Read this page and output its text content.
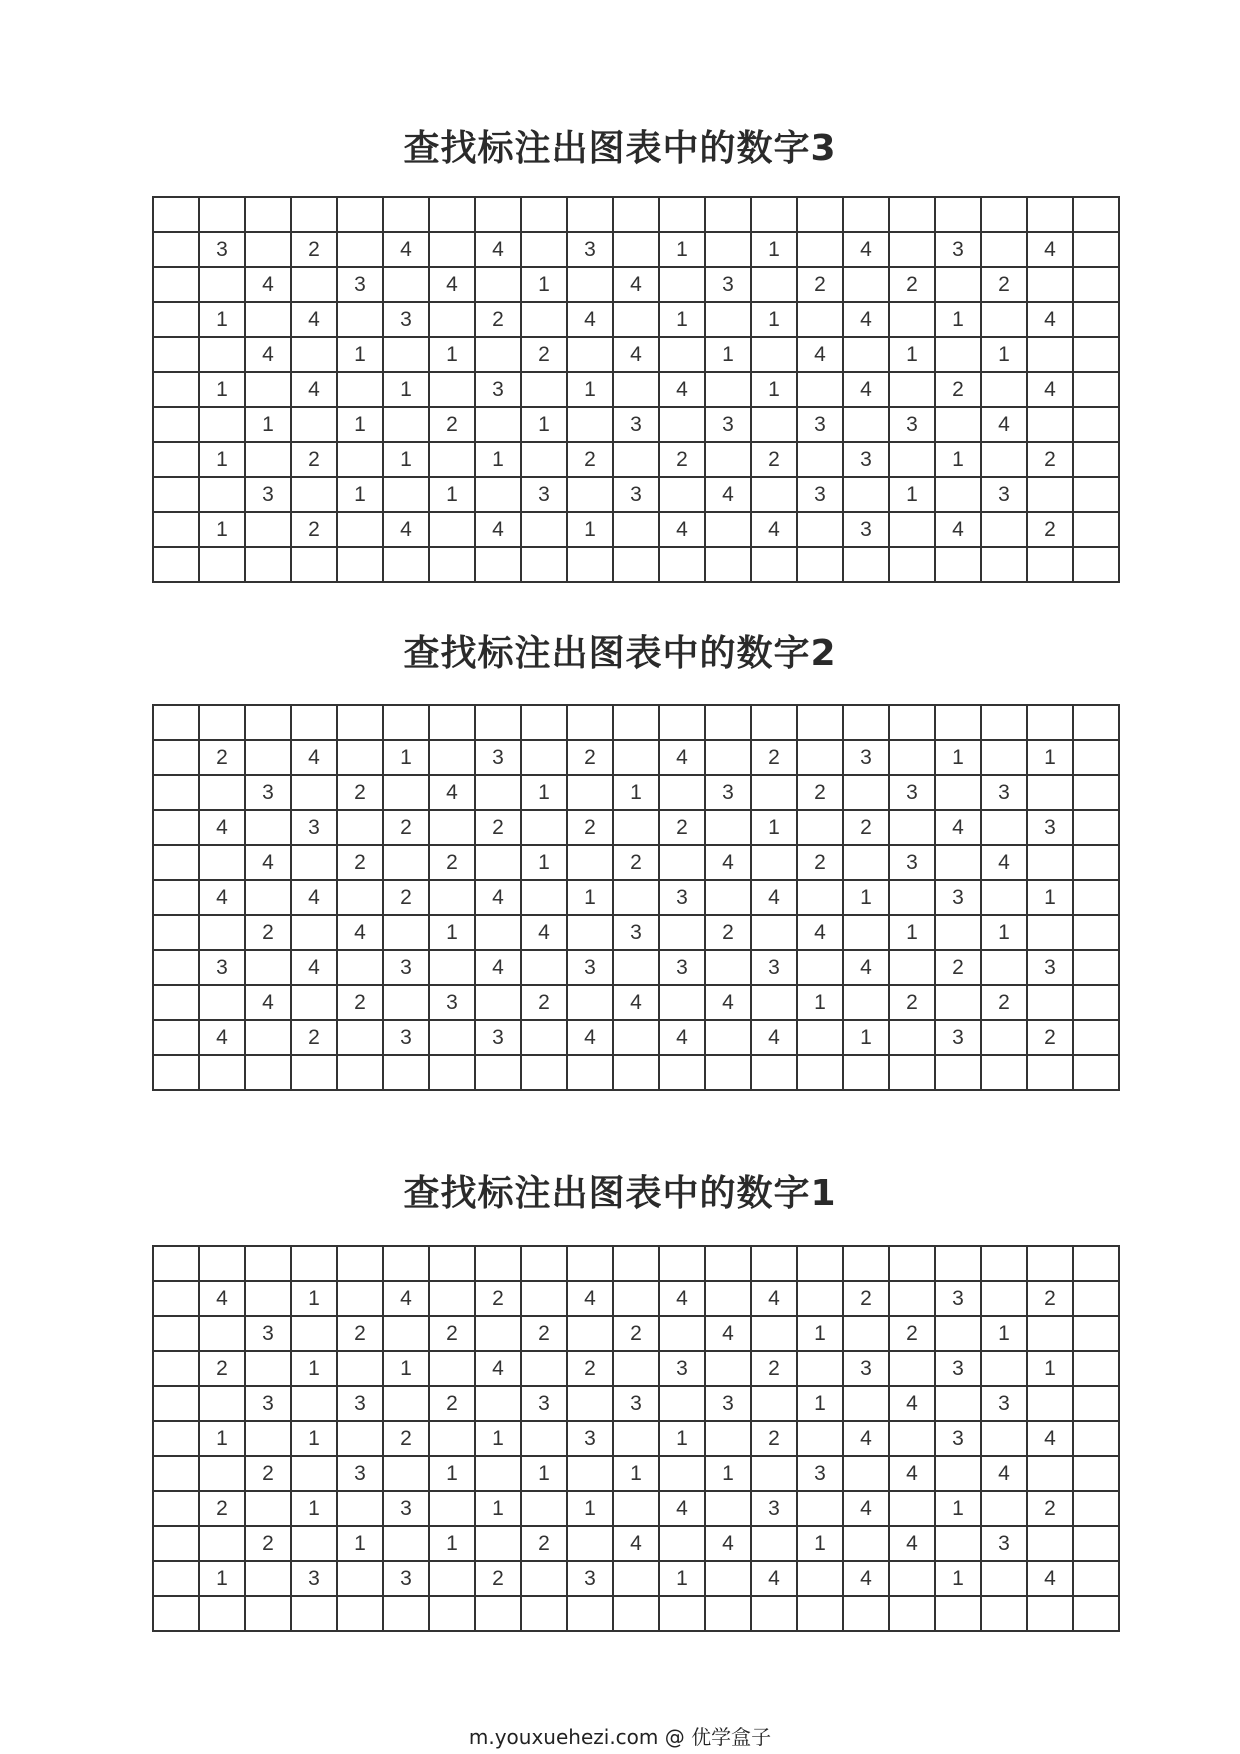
查找标注出图表中的数字3

	3		2		4		4		3		1		1		4		3		4	
		4		3		4		1		4		3		2		2		2		
	1		4		3		2		4		1		1		4		1		4	
		4		1		1		2		4		1		4		1		1		
	1		4		1		3		1		4		1		4		2		4	
		1		1		2		1		3		3		3		3		4		
	1		2		1		1		2		2		2		3		1		2	
		3		1		1		3		3		4		3		1		3		
	1		2		4		4		1		4		4		3		4		2	

查找标注出图表中的数字2

	2		4		1		3		2		4		2		3		1		1	
		3		2		4		1		1		3		2		3		3		
	4		3		2		2		2		2		1		2		4		3	
		4		2		2		1		2		4		2		3		4		
	4		4		2		4		1		3		4		1		3		1	
		2		4		1		4		3		2		4		1		1		
	3		4		3		4		3		3		3		4		2		3	
		4		2		3		2		4		4		1		2		2		
	4		2		3		3		4		4		4		1		3		2	

查找标注出图表中的数字1

	4		1		4		2		4		4		4		2		3		2	
		3		2		2		2		2		4		1		2		1		
	2		1		1		4		2		3		2		3		3		1	
		3		3		2		3		3		3		1		4		3		
	1		1		2		1		3		1		2		4		3		4	
		2		3		1		1		1		1		3		4		4		
	2		1		3		1		1		4		3		4		1		2	
		2		1		1		2		4		4		1		4		3		
	1		3		3		2		3		1		4		4		1		4	

m.youxuehezi.com @ 优学盒子
